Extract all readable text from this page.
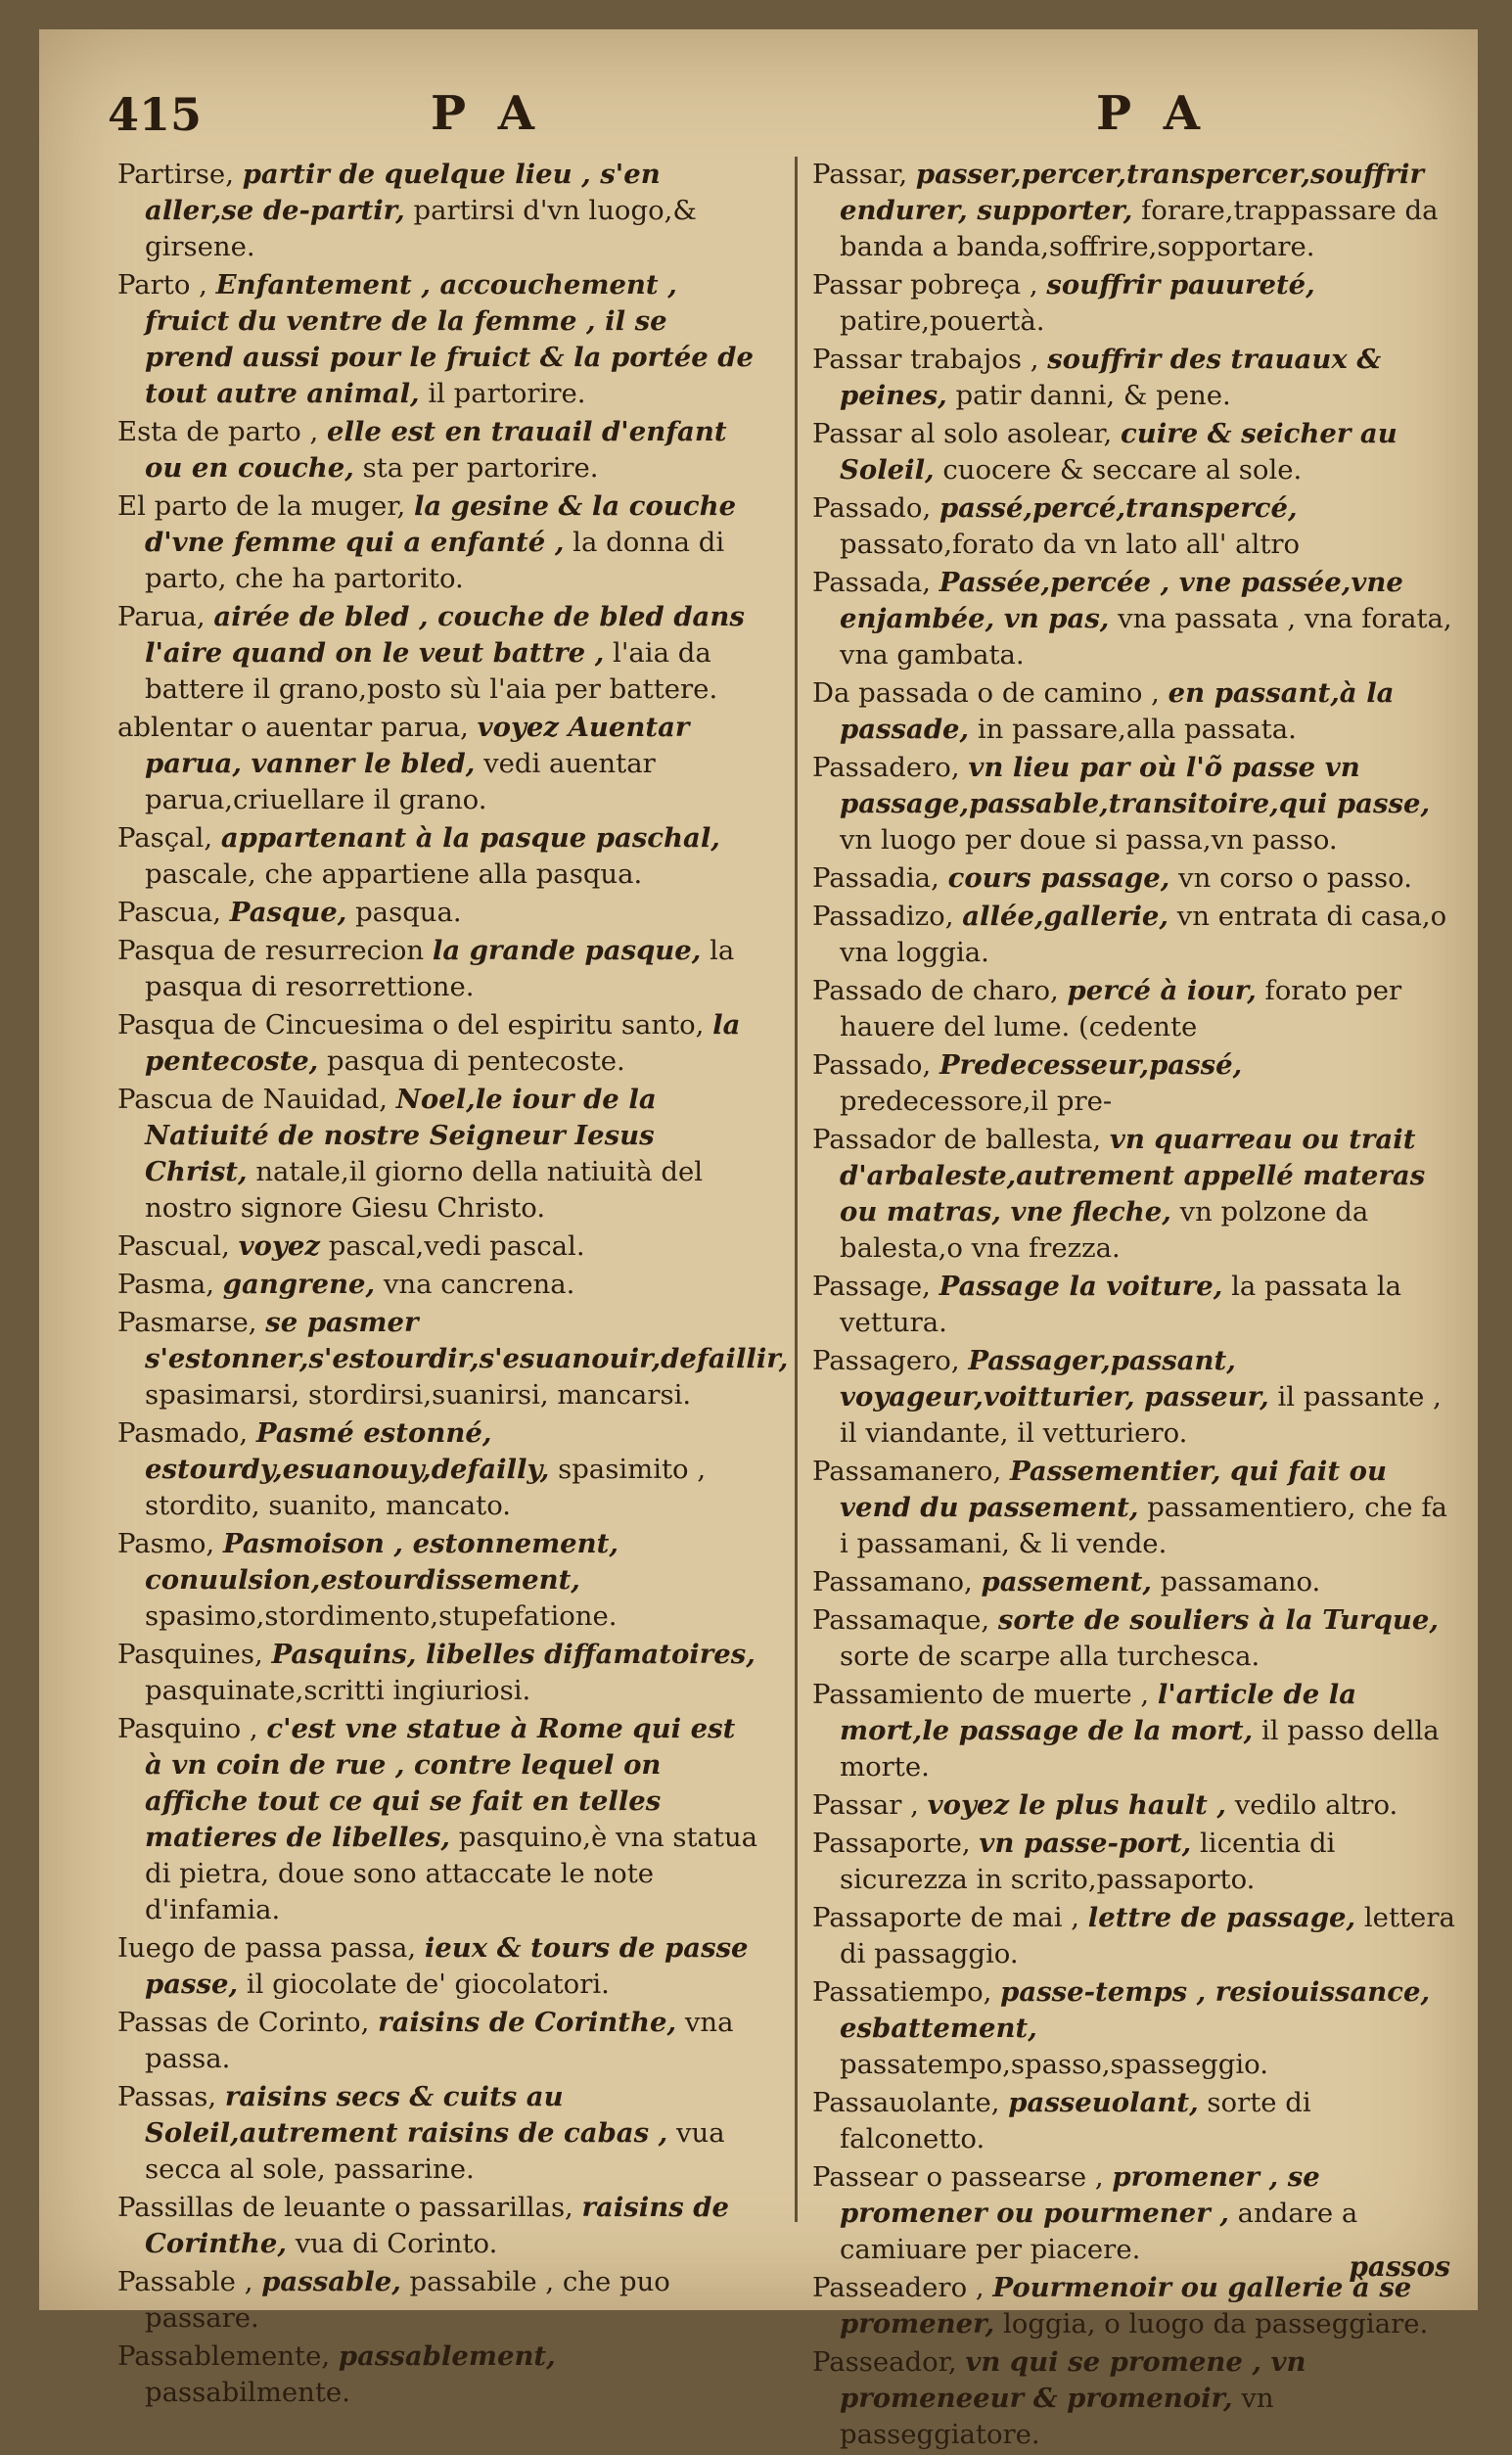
415	P A	P A

Partirse, partir de quelque lieu , s'en aller,se de-partir, partirsi d'vn luogo,& girsene.

Parto , Enfantement , accouchement , fruict du ventre de la femme , il se prend aussi pour le fruict & la portée de tout autre animal, il partorire.

Esta de parto , elle est en trauail d'enfant ou en couche, sta per partorire.

El parto de la muger, la gesine & la couche d'vne femme qui a enfanté , la donna di parto, che ha partorito.

Parua, airée de bled , couche de bled dans l'aire quand on le veut battre , l'aia da battere il grano,posto sù l'aia per battere.

ablentar o auentar parua, voyez Auentar parua, vanner le bled, vedi auentar parua,criuellare il grano.

Pasçal, appartenant à la pasque paschal, pascale, che appartiene alla pasqua.

Pascua, Pasque, pasqua.

Pasqua de resurrecion la grande pasque, la pasqua di resorrettione.

Pasqua de Cincuesima o del espiritu santo, la pentecoste, pasqua di pentecoste.

Pascua de Nauidad, Noel,le iour de la Natiuité de nostre Seigneur Iesus Christ, natale,il giorno della natiuità del nostro signore Giesu Christo.

Pascual, voyez pascal,vedi pascal.

Pasma, gangrene, vna cancrena.

Pasmarse, se pasmer s'estonner,s'estourdir,s'esuanouir,defaillir, spasimarsi, stordirsi,suanirsi, mancarsi.

Pasmado, Pasmé estonné, estourdy,esuanouy,defailly, spasimito , stordito, suanito, mancato.

Pasmo, Pasmoison , estonnement, conuulsion,estourdissement, spasimo,stordimento,stupefatione.

Pasquines, Pasquins, libelles diffamatoires, pasquinate,scritti ingiuriosi.

Pasquino , c'est vne statue à Rome qui est à vn coin de rue , contre lequel on affiche tout ce qui se fait en telles matieres de libelles, pasquino,è vna statua di pietra, doue sono attaccate le note d'infamia.

Iuego de passa passa, ieux & tours de passe passe, il giocolate de' giocolatori.

Passas de Corinto, raisins de Corinthe, vna passa.

Passas, raisins secs & cuits au Soleil,autrement raisins de cabas , vua secca al sole, passarine.

Passillas de leuante o passarillas, raisins de Corinthe, vua di Corinto.

Passable , passable, passabile , che puo passare.

Passablemente, passablement, passabilmente.

Passar, passer,percer,transpercer,souffrir endurer, supporter, forare,trappassare da banda a banda,soffrire,sopportare.

Passar pobreça , souffrir pauureté, patire,pouertà.

Passar trabajos , souffrir des trauaux & peines, patir danni, & pene.

Passar al solo asolear, cuire & seicher au Soleil, cuocere & seccare al sole.

Passado, passé,percé,transpercé, passato,forato da vn lato all' altro

Passada, Passée,percée , vne passée,vne enjambée, vn pas, vna passata , vna forata, vna gambata.

Da passada o de camino , en passant,à la passade, in passare,alla passata.

Passadero, vn lieu par où l'õ passe vn passage,passable,transitoire,qui passe, vn luogo per doue si passa,vn passo.

Passadia, cours passage, vn corso o passo.

Passadizo, allée,gallerie, vn entrata di casa,o vna loggia.

Passado de charo, percé à iour, forato per hauere del lume. (cedente

Passado, Predecesseur,passé, predecessore,il pre-

Passador de ballesta, vn quarreau ou trait d'arbaleste,autrement appellé materas ou matras, vne fleche, vn polzone da balesta,o vna frezza.

Passage, Passage la voiture, la passata la vettura.

Passagero, Passager,passant, voyageur,voitturier, passeur, il passante , il viandante, il vetturiero.

Passamanero, Passementier, qui fait ou vend du passement, passamentiero, che fa i passamani, & li vende.

Passamano, passement, passamano.

Passamaque, sorte de souliers à la Turque, sorte de scarpe alla turchesca.

Passamiento de muerte , l'article de la mort,le passage de la mort, il passo della morte.

Passar , voyez le plus hault , vedilo altro.

Passaporte, vn passe-port, licentia di sicurezza in scrito,passaporto.

Passaporte de mai , lettre de passage, lettera di passaggio.

Passatiempo, passe-temps , resiouissance, esbattement, passatempo,spasso,spasseggio.

Passauolante, passeuolant, sorte di falconetto.

Passear o passearse , promener , se promener ou pourmener , andare a camiuare per piacere.

Passeadero , Pourmenoir ou gallerie à se promener, loggia, o luogo da passeggiare.

Passeador, vn qui se promene , vn promeneeur & promenoir, vn passeggiatore.

passos
